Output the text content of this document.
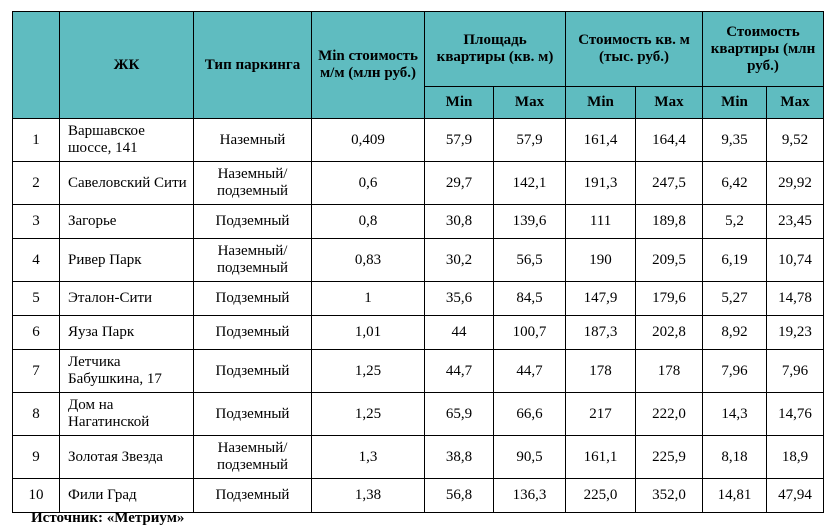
	ЖК	Тип паркинга	Min стоимость м/м (млн руб.)	Площадь квартиры (кв. м)		Стоимость кв. м (тыс. руб.)		Стоимость квартиры (млн руб.)	
				Min	Max	Min	Max	Min	Max
1	Варшавское шоссе, 141	Наземный	0,409	57,9	57,9	161,4	164,4	9,35	9,52
2	Савеловский Сити	Наземный/ подземный	0,6	29,7	142,1	191,3	247,5	6,42	29,92
3	Загорье	Подземный	0,8	30,8	139,6	111	189,8	5,2	23,45
4	Ривер Парк	Наземный/ подземный	0,83	30,2	56,5	190	209,5	6,19	10,74
5	Эталон-Сити	Подземный	1	35,6	84,5	147,9	179,6	5,27	14,78
6	Яуза Парк	Подземный	1,01	44	100,7	187,3	202,8	8,92	19,23
7	Летчика Бабушкина, 17	Подземный	1,25	44,7	44,7	178	178	7,96	7,96
8	Дом на Нагатинской	Подземный	1,25	65,9	66,6	217	222,0	14,3	14,76
9	Золотая Звезда	Наземный/ подземный	1,3	38,8	90,5	161,1	225,9	8,18	18,9
10	Фили Град	Подземный	1,38	56,8	136,3	225,0	352,0	14,81	47,94
Источник: «Метриум»
